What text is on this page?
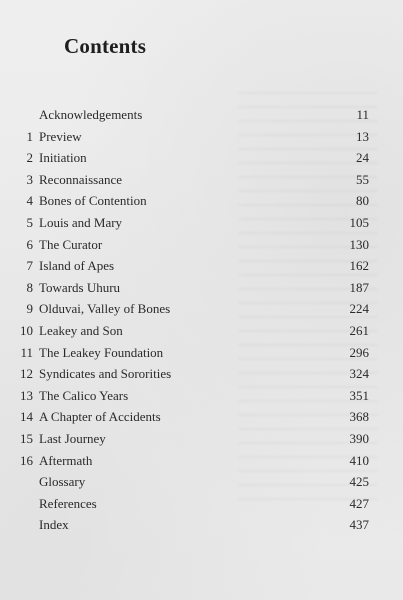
Contents
Acknowledgements	11
1 Preview	13
2 Initiation	24
3 Reconnaissance	55
4 Bones of Contention	80
5 Louis and Mary	105
6 The Curator	130
7 Island of Apes	162
8 Towards Uhuru	187
9 Olduvai, Valley of Bones	224
10 Leakey and Son	261
11 The Leakey Foundation	296
12 Syndicates and Sororities	324
13 The Calico Years	351
14 A Chapter of Accidents	368
15 Last Journey	390
16 Aftermath	410
Glossary	425
References	427
Index	437
